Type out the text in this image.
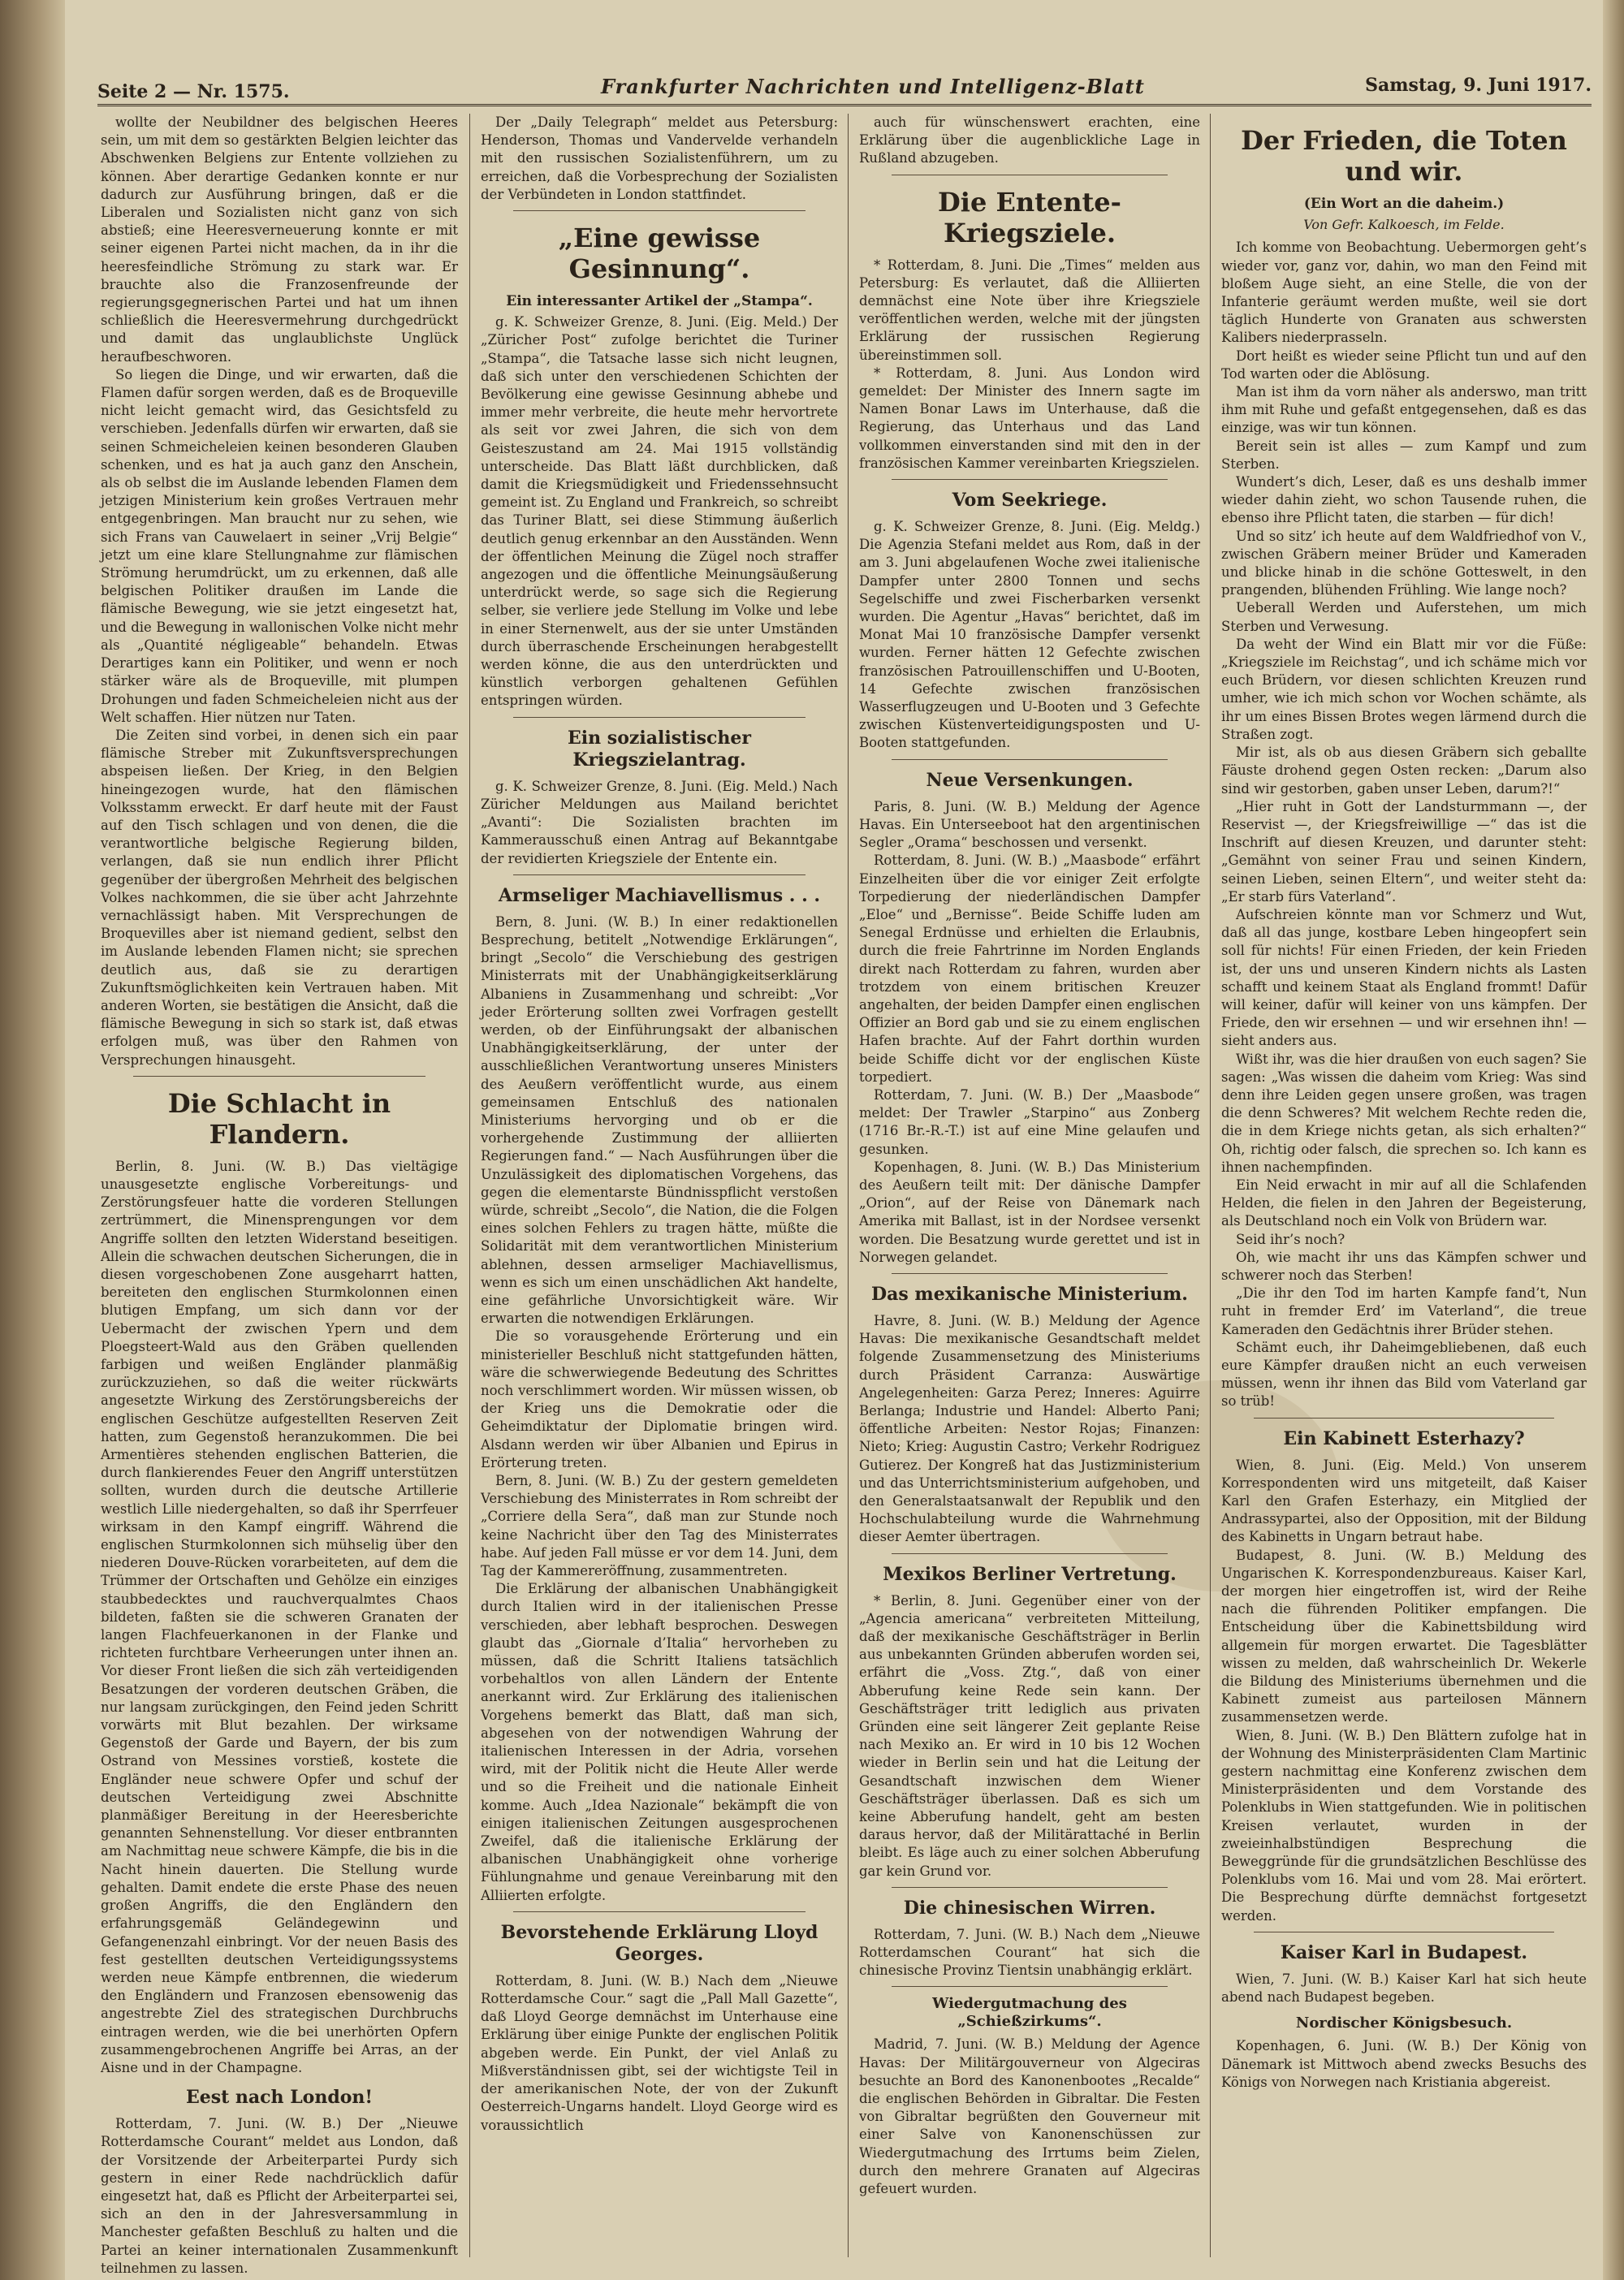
Seite 2 — Nr. 1575.	Frankfurter Nachrichten und Intelligenz-Blatt	Samstag, 9. Juni 1917.

wollte der Neubildner des belgischen Heeres sein, um mit dem so gestärkten Belgien leichter das Abschwenken Belgiens zur Entente vollziehen zu können. Aber derartige Gedanken konnte er nur dadurch zur Ausführung bringen, daß er die Liberalen und Sozialisten nicht ganz von sich abstieß; eine Heeresverneuerung konnte er mit seiner eigenen Partei nicht machen, da in ihr die heeresfeindliche Strömung zu stark war. Er brauchte also die Franzosenfreunde der regierungsgegnerischen Partei und hat um ihnen schließlich die Heeresvermehrung durchgedrückt und damit das unglaublichste Unglück heraufbeschworen.

So liegen die Dinge, und wir erwarten, daß die Flamen dafür sorgen werden, daß es de Broqueville nicht leicht gemacht wird, das Gesichtsfeld zu verschieben. Jedenfalls dürfen wir erwarten, daß sie seinen Schmeicheleien keinen besonderen Glauben schenken, und es hat ja auch ganz den Anschein, als ob selbst die im Auslande lebenden Flamen dem jetzigen Ministerium kein großes Vertrauen mehr entgegenbringen. Man braucht nur zu sehen, wie sich Frans van Cauwelaert in seiner „Vrij Belgie“ jetzt um eine klare Stellungnahme zur flämischen Strömung herumdrückt, um zu erkennen, daß alle belgischen Politiker draußen im Lande die flämische Bewegung, wie sie jetzt eingesetzt hat, und die Bewegung in wallonischen Volke nicht mehr als „Quantité négligeable“ behandeln. Etwas Derartiges kann ein Politiker, und wenn er noch stärker wäre als de Broqueville, mit plumpen Drohungen und faden Schmeicheleien nicht aus der Welt schaffen. Hier nützen nur Taten.

Die Zeiten sind vorbei, in denen sich ein paar flämische Streber mit Zukunftsversprechungen abspeisen ließen. Der Krieg, in den Belgien hineingezogen wurde, hat den flämischen Volksstamm erweckt. Er darf heute mit der Faust auf den Tisch schlagen und von denen, die die verantwortliche belgische Regierung bilden, verlangen, daß sie nun endlich ihrer Pflicht gegenüber der übergroßen Mehrheit des belgischen Volkes nachkommen, die sie über acht Jahrzehnte vernachlässigt haben. Mit Versprechungen de Broquevilles aber ist niemand gedient, selbst den im Auslande lebenden Flamen nicht; sie sprechen deutlich aus, daß sie zu derartigen Zukunftsmöglichkeiten kein Vertrauen haben. Mit anderen Worten, sie bestätigen die Ansicht, daß die flämische Bewegung in sich so stark ist, daß etwas erfolgen muß, was über den Rahmen von Versprechungen hinausgeht.

Die Schlacht in Flandern.

Berlin, 8. Juni. (W. B.) Das vieltägige unausgesetzte englische Vorbereitungs- und Zerstörungsfeuer hatte die vorderen Stellungen zertrümmert, die Minensprengungen vor dem Angriffe sollten den letzten Widerstand beseitigen. Allein die schwachen deutschen Sicherungen, die in diesen vorgeschobenen Zone ausgeharrt hatten, bereiteten den englischen Sturmkolonnen einen blutigen Empfang, um sich dann vor der Uebermacht der zwischen Ypern und dem Ploegsteert-Wald aus den Gräben quellenden farbigen und weißen Engländer planmäßig zurückzuziehen, so daß die weiter rückwärts angesetzte Wirkung des Zerstörungsbereichs der englischen Geschütze aufgestellten Reserven Zeit hatten, zum Gegenstoß heranzukommen. Die bei Armentières stehenden englischen Batterien, die durch flankierendes Feuer den Angriff unterstützen sollten, wurden durch die deutsche Artillerie westlich Lille niedergehalten, so daß ihr Sperrfeuer wirksam in den Kampf eingriff. Während die englischen Sturmkolonnen sich mühselig über den niederen Douve-Rücken vorarbeiteten, auf dem die Trümmer der Ortschaften und Gehölze ein einziges staubbedecktes und rauchverqualmtes Chaos bildeten, faßten sie die schweren Granaten der langen Flachfeuerkanonen in der Flanke und richteten furchtbare Verheerungen unter ihnen an. Vor dieser Front ließen die sich zäh verteidigenden Besatzungen der vorderen deutschen Gräben, die nur langsam zurückgingen, den Feind jeden Schritt vorwärts mit Blut bezahlen. Der wirksame Gegenstoß der Garde und Bayern, der bis zum Ostrand von Messines vorstieß, kostete die Engländer neue schwere Opfer und schuf der deutschen Verteidigung zwei Abschnitte planmäßiger Bereitung in der Heeresberichte genannten Sehnenstellung. Vor dieser entbrannten am Nachmittag neue schwere Kämpfe, die bis in die Nacht hinein dauerten. Die Stellung wurde gehalten. Damit endete die erste Phase des neuen großen Angriffs, die den Engländern den erfahrungsgemäß Geländegewinn und Gefangenenzahl einbringt. Vor der neuen Basis des fest gestellten deutschen Verteidigungssystems werden neue Kämpfe entbrennen, die wiederum den Engländern und Franzosen ebensowenig das angestrebte Ziel des strategischen Durchbruchs eintragen werden, wie die bei unerhörten Opfern zusammengebrochenen Angriffe bei Arras, an der Aisne und in der Champagne.

Eest nach London!

Rotterdam, 7. Juni. (W. B.) Der „Nieuwe Rotterdamsche Courant“ meldet aus London, daß der Vorsitzende der Arbeiterpartei Purdy sich gestern in einer Rede nachdrücklich dafür eingesetzt hat, daß es Pflicht der Arbeiterpartei sei, sich an den in der Jahresversammlung in Manchester gefaßten Beschluß zu halten und die Partei an keiner internationalen Zusammenkunft teilnehmen zu lassen.

Der „Daily Telegraph“ meldet aus Petersburg: Henderson, Thomas und Vandervelde verhandeln mit den russischen Sozialistenführern, um zu erreichen, daß die Vorbesprechung der Sozialisten der Verbündeten in London stattfindet.

„Eine gewisse Gesinnung“.

Ein interessanter Artikel der „Stampa“.

g. K. Schweizer Grenze, 8. Juni. (Eig. Meld.) Der „Züricher Post“ zufolge berichtet die Turiner „Stampa“, die Tatsache lasse sich nicht leugnen, daß sich unter den verschiedenen Schichten der Bevölkerung eine gewisse Gesinnung abhebe und immer mehr verbreite, die heute mehr hervortrete als seit vor zwei Jahren, die sich von dem Geisteszustand am 24. Mai 1915 vollständig unterscheide. Das Blatt läßt durchblicken, daß damit die Kriegsmüdigkeit und Friedenssehnsucht gemeint ist. Zu England und Frankreich, so schreibt das Turiner Blatt, sei diese Stimmung äußerlich deutlich genug erkennbar an den Ausständen. Wenn der öffentlichen Meinung die Zügel noch straffer angezogen und die öffentliche Meinungsäußerung unterdrückt werde, so sage sich die Regierung selber, sie verliere jede Stellung im Volke und lebe in einer Sternenwelt, aus der sie unter Umständen durch überraschende Erscheinungen herabgestellt werden könne, die aus den unterdrückten und künstlich verborgen gehaltenen Gefühlen entspringen würden.

Ein sozialistischer Kriegszielantrag.

g. K. Schweizer Grenze, 8. Juni. (Eig. Meld.) Nach Züricher Meldungen aus Mailand berichtet „Avanti“: Die Sozialisten brachten im Kammerausschuß einen Antrag auf Bekanntgabe der revidierten Kriegsziele der Entente ein.

Armseliger Machiavellismus . . .

Bern, 8. Juni. (W. B.) In einer redaktionellen Besprechung, betitelt „Notwendige Erklärungen“, bringt „Secolo“ die Verschiebung des gestrigen Ministerrats mit der Unabhängigkeitserklärung Albaniens in Zusammenhang und schreibt: „Vor jeder Erörterung sollten zwei Vorfragen gestellt werden, ob der Einführungsakt der albanischen Unabhängigkeitserklärung, der unter der ausschließlichen Verantwortung unseres Ministers des Aeußern veröffentlicht wurde, aus einem gemeinsamen Entschluß des nationalen Ministeriums hervorging und ob er die vorhergehende Zustimmung der alliierten Regierungen fand.“ — Nach Ausführungen über die Unzulässigkeit des diplomatischen Vorgehens, das gegen die elementarste Bündnisspflicht verstoßen würde, schreibt „Secolo“, die Nation, die die Folgen eines solchen Fehlers zu tragen hätte, müßte die Solidarität mit dem verantwortlichen Ministerium ablehnen, dessen armseliger Machiavellismus, wenn es sich um einen unschädlichen Akt handelte, eine gefährliche Unvorsichtigkeit wäre. Wir erwarten die notwendigen Erklärungen.

Die so vorausgehende Erörterung und ein ministerieller Beschluß nicht stattgefunden hätten, wäre die schwerwiegende Bedeutung des Schrittes noch verschlimmert worden. Wir müssen wissen, ob der Krieg uns die Demokratie oder die Geheimdiktatur der Diplomatie bringen wird. Alsdann werden wir über Albanien und Epirus in Erörterung treten.

Bern, 8. Juni. (W. B.) Zu der gestern gemeldeten Verschiebung des Ministerrates in Rom schreibt der „Corriere della Sera“, daß man zur Stunde noch keine Nachricht über den Tag des Ministerrates habe. Auf jeden Fall müsse er vor dem 14. Juni, dem Tag der Kammereröffnung, zusammentreten.

Die Erklärung der albanischen Unabhängigkeit durch Italien wird in der italienischen Presse verschieden, aber lebhaft besprochen. Deswegen glaubt das „Giornale d’Italia“ hervorheben zu müssen, daß die Schritt Italiens tatsächlich vorbehaltlos von allen Ländern der Entente anerkannt wird. Zur Erklärung des italienischen Vorgehens bemerkt das Blatt, daß man sich, abgesehen von der notwendigen Wahrung der italienischen Interessen in der Adria, vorsehen wird, mit der Politik nicht die Heute Aller werde und so die Freiheit und die nationale Einheit komme. Auch „Idea Nazionale“ bekämpft die von einigen italienischen Zeitungen ausgesprochenen Zweifel, daß die italienische Erklärung der albanischen Unabhängigkeit ohne vorherige Fühlungnahme und genaue Vereinbarung mit den Alliierten erfolgte.

Bevorstehende Erklärung Lloyd Georges.

Rotterdam, 8. Juni. (W. B.) Nach dem „Nieuwe Rotterdamsche Cour.“ sagt die „Pall Mall Gazette“, daß Lloyd George demnächst im Unterhause eine Erklärung über einige Punkte der englischen Politik abgeben werde. Ein Punkt, der viel Anlaß zu Mißverständnissen gibt, sei der wichtigste Teil in der amerikanischen Note, der von der Zukunft Oesterreich-Ungarns handelt. Lloyd George wird es voraussichtlich

auch für wünschenswert erachten, eine Erklärung über die augenblickliche Lage in Rußland abzugeben.

Die Entente-Kriegsziele.

* Rotterdam, 8. Juni. Die „Times“ melden aus Petersburg: Es verlautet, daß die Alliierten demnächst eine Note über ihre Kriegsziele veröffentlichen werden, welche mit der jüngsten Erklärung der russischen Regierung übereinstimmen soll.

* Rotterdam, 8. Juni. Aus London wird gemeldet: Der Minister des Innern sagte im Namen Bonar Laws im Unterhause, daß die Regierung, das Unterhaus und das Land vollkommen einverstanden sind mit den in der französischen Kammer vereinbarten Kriegszielen.

Vom Seekriege.

g. K. Schweizer Grenze, 8. Juni. (Eig. Meldg.) Die Agenzia Stefani meldet aus Rom, daß in der am 3. Juni abgelaufenen Woche zwei italienische Dampfer unter 2800 Tonnen und sechs Segelschiffe und zwei Fischerbarken versenkt wurden. Die Agentur „Havas“ berichtet, daß im Monat Mai 10 französische Dampfer versenkt wurden. Ferner hätten 12 Gefechte zwischen französischen Patrouillenschiffen und U-Booten, 14 Gefechte zwischen französischen Wasserflugzeugen und U-Booten und 3 Gefechte zwischen Küstenverteidigungsposten und U-Booten stattgefunden.

Neue Versenkungen.

Paris, 8. Juni. (W. B.) Meldung der Agence Havas. Ein Unterseeboot hat den argentinischen Segler „Orama“ beschossen und versenkt.

Rotterdam, 8. Juni. (W. B.) „Maasbode“ erfährt Einzelheiten über die vor einiger Zeit erfolgte Torpedierung der niederländischen Dampfer „Eloe“ und „Bernisse“. Beide Schiffe luden am Senegal Erdnüsse und erhielten die Erlaubnis, durch die freie Fahrtrinne im Norden Englands direkt nach Rotterdam zu fahren, wurden aber trotzdem von einem britischen Kreuzer angehalten, der beiden Dampfer einen englischen Offizier an Bord gab und sie zu einem englischen Hafen brachte. Auf der Fahrt dorthin wurden beide Schiffe dicht vor der englischen Küste torpediert.

Rotterdam, 7. Juni. (W. B.) Der „Maasbode“ meldet: Der Trawler „Starpino“ aus Zonberg (1716 Br.-R.-T.) ist auf eine Mine gelaufen und gesunken.

Kopenhagen, 8. Juni. (W. B.) Das Ministerium des Aeußern teilt mit: Der dänische Dampfer „Orion“, auf der Reise von Dänemark nach Amerika mit Ballast, ist in der Nordsee versenkt worden. Die Besatzung wurde gerettet und ist in Norwegen gelandet.

Das mexikanische Ministerium.

Havre, 8. Juni. (W. B.) Meldung der Agence Havas: Die mexikanische Gesandtschaft meldet folgende Zusammensetzung des Ministeriums durch Präsident Carranza: Auswärtige Angelegenheiten: Garza Perez; Inneres: Aguirre Berlanga; Industrie und Handel: Alberto Pani; öffentliche Arbeiten: Nestor Rojas; Finanzen: Nieto; Krieg: Augustin Castro; Verkehr Rodriguez Gutierez. Der Kongreß hat das Justizministerium und das Unterrichtsministerium aufgehoben, und den Generalstaatsanwalt der Republik und den Hochschulabteilung wurde die Wahrnehmung dieser Aemter übertragen.

Mexikos Berliner Vertretung.

* Berlin, 8. Juni. Gegenüber einer von der „Agencia americana“ verbreiteten Mitteilung, daß der mexikanische Geschäftsträger in Berlin aus unbekannten Gründen abberufen worden sei, erfährt die „Voss. Ztg.“, daß von einer Abberufung keine Rede sein kann. Der Geschäftsträger tritt lediglich aus privaten Gründen eine seit längerer Zeit geplante Reise nach Mexiko an. Er wird in 10 bis 12 Wochen wieder in Berlin sein und hat die Leitung der Gesandtschaft inzwischen dem Wiener Geschäftsträger überlassen. Daß es sich um keine Abberufung handelt, geht am besten daraus hervor, daß der Militärattaché in Berlin bleibt. Es läge auch zu einer solchen Abberufung gar kein Grund vor.

Die chinesischen Wirren.

Rotterdam, 7. Juni. (W. B.) Nach dem „Nieuwe Rotterdamschen Courant“ hat sich die chinesische Provinz Tientsin unabhängig erklärt.

Wiedergutmachung des „Schießzirkums“.

Madrid, 7. Juni. (W. B.) Meldung der Agence Havas: Der Militärgouverneur von Algeciras besuchte an Bord des Kanonenbootes „Recalde“ die englischen Behörden in Gibraltar. Die Festen von Gibraltar begrüßten den Gouverneur mit einer Salve von Kanonenschüssen zur Wiedergutmachung des Irrtums beim Zielen, durch den mehrere Granaten auf Algeciras gefeuert wurden.

Der Frieden, die Toten und wir.

(Ein Wort an die daheim.)

Von Gefr. Kalkoesch, im Felde.

Ich komme von Beobachtung. Uebermorgen geht’s wieder vor, ganz vor, dahin, wo man den Feind mit bloßem Auge sieht, an eine Stelle, die von der Infanterie geräumt werden mußte, weil sie dort täglich Hunderte von Granaten aus schwersten Kalibers niederprasseln.

Dort heißt es wieder seine Pflicht tun und auf den Tod warten oder die Ablösung.

Man ist ihm da vorn näher als anderswo, man tritt ihm mit Ruhe und gefaßt entgegensehen, daß es das einzige, was wir tun können.

Bereit sein ist alles — zum Kampf und zum Sterben.

Wundert’s dich, Leser, daß es uns deshalb immer wieder dahin zieht, wo schon Tausende ruhen, die ebenso ihre Pflicht taten, die starben — für dich!

Und so sitz’ ich heute auf dem Waldfriedhof von V., zwischen Gräbern meiner Brüder und Kameraden und blicke hinab in die schöne Gotteswelt, in den prangenden, blühenden Frühling. Wie lange noch?

Ueberall Werden und Auferstehen, um mich Sterben und Verwesung.

Da weht der Wind ein Blatt mir vor die Füße: „Kriegsziele im Reichstag“, und ich schäme mich vor euch Brüdern, vor diesen schlichten Kreuzen rund umher, wie ich mich schon vor Wochen schämte, als ihr um eines Bissen Brotes wegen lärmend durch die Straßen zogt.

Mir ist, als ob aus diesen Gräbern sich geballte Fäuste drohend gegen Osten recken: „Darum also sind wir gestorben, gaben unser Leben, darum?!“

„Hier ruht in Gott der Landsturmmann —, der Reservist —, der Kriegsfreiwillige —“ das ist die Inschrift auf diesen Kreuzen, und darunter steht: „Gemähnt von seiner Frau und seinen Kindern, seinen Lieben, seinen Eltern“, und weiter steht da: „Er starb fürs Vaterland“.

Aufschreien könnte man vor Schmerz und Wut, daß all das junge, kostbare Leben hingeopfert sein soll für nichts! Für einen Frieden, der kein Frieden ist, der uns und unseren Kindern nichts als Lasten schafft und keinem Staat als England frommt! Dafür will keiner, dafür will keiner von uns kämpfen. Der Friede, den wir ersehnen — und wir ersehnen ihn! — sieht anders aus.

Wißt ihr, was die hier draußen von euch sagen? Sie sagen: „Was wissen die daheim vom Krieg: Was sind denn ihre Leiden gegen unsere großen, was tragen die denn Schweres? Mit welchem Rechte reden die, die in dem Kriege nichts getan, als sich erhalten?“ Oh, richtig oder falsch, die sprechen so. Ich kann es ihnen nachempfinden.

Ein Neid erwacht in mir auf all die Schlafenden Helden, die fielen in den Jahren der Begeisterung, als Deutschland noch ein Volk von Brüdern war.

Seid ihr’s noch?

Oh, wie macht ihr uns das Kämpfen schwer und schwerer noch das Sterben!

„Die ihr den Tod im harten Kampfe fand’t, Nun ruht in fremder Erd’ im Vaterland“, die treue Kameraden den Gedächtnis ihrer Brüder stehen.

Schämt euch, ihr Daheimgebliebenen, daß euch eure Kämpfer draußen nicht an euch verweisen müssen, wenn ihr ihnen das Bild vom Vaterland gar so trüb!

Ein Kabinett Esterhazy?

Wien, 8. Juni. (Eig. Meld.) Von unserem Korrespondenten wird uns mitgeteilt, daß Kaiser Karl den Grafen Esterhazy, ein Mitglied der Andrassypartei, also der Opposition, mit der Bildung des Kabinetts in Ungarn betraut habe.

Budapest, 8. Juni. (W. B.) Meldung des Ungarischen K. Korrespondenzbureaus. Kaiser Karl, der morgen hier eingetroffen ist, wird der Reihe nach die führenden Politiker empfangen. Die Entscheidung über die Kabinettsbildung wird allgemein für morgen erwartet. Die Tagesblätter wissen zu melden, daß wahrscheinlich Dr. Wekerle die Bildung des Ministeriums übernehmen und die Kabinett zumeist aus parteilosen Männern zusammensetzen werde.

Wien, 8. Juni. (W. B.) Den Blättern zufolge hat in der Wohnung des Ministerpräsidenten Clam Martinic gestern nachmittag eine Konferenz zwischen dem Ministerpräsidenten und dem Vorstande des Polenklubs in Wien stattgefunden. Wie in politischen Kreisen verlautet, wurden in der zweieinhalbstündigen Besprechung die Beweggründe für die grundsätzlichen Beschlüsse des Polenklubs vom 16. Mai und vom 28. Mai erörtert. Die Besprechung dürfte demnächst fortgesetzt werden.

Kaiser Karl in Budapest.

Wien, 7. Juni. (W. B.) Kaiser Karl hat sich heute abend nach Budapest begeben.

Nordischer Königsbesuch.

Kopenhagen, 6. Juni. (W. B.) Der König von Dänemark ist Mittwoch abend zwecks Besuchs des Königs von Norwegen nach Kristiania abgereist.
